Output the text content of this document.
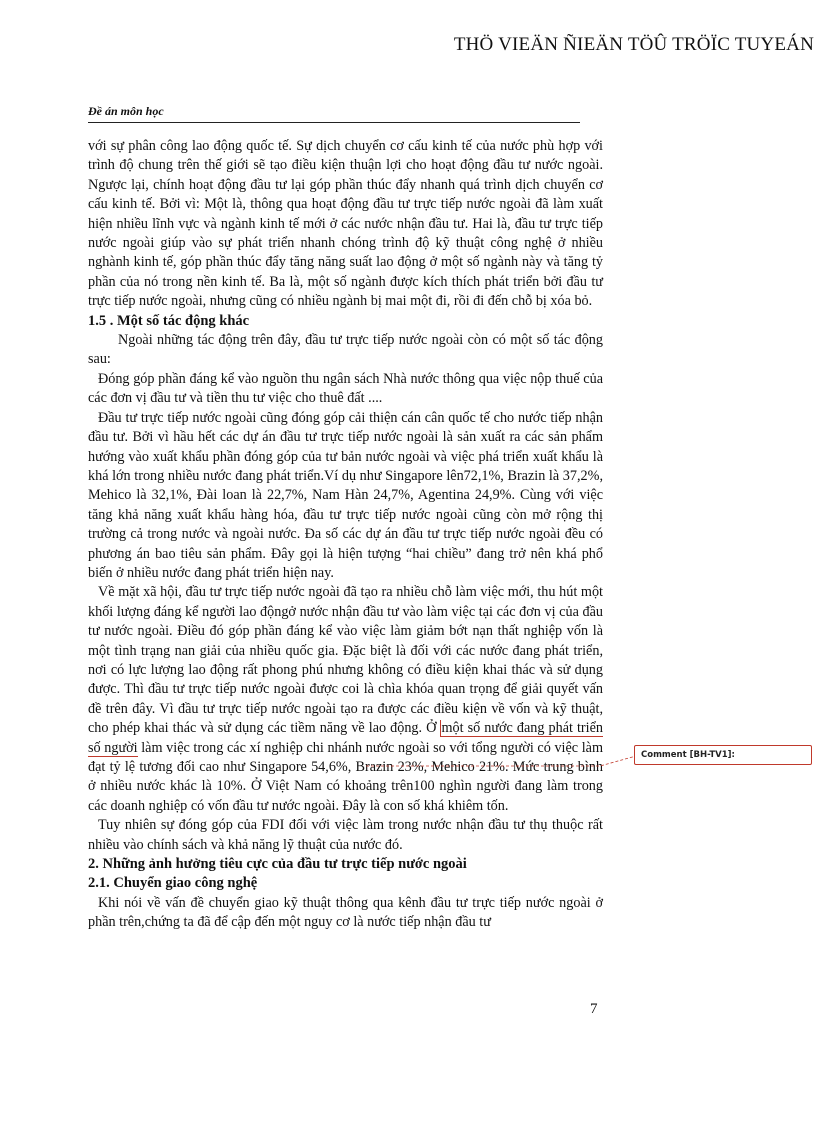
THÖ VIEÄN ÑIEÄN TÖÛ TRÖÏC TUYEÁN
Đề án môn học

với sự phân công lao động quốc tế. Sự dịch chuyển cơ cấu kinh tế của nước phù hợp với trình độ chung trên thế giới sẽ tạo điều kiện thuận lợi cho hoạt động đầu tư nước ngoài. Ngược lại, chính hoạt động đầu tư lại góp phần thúc đẩy nhanh quá trình dịch chuyển cơ cấu kinh tế. Bởi vì: Một là, thông qua hoạt động đầu tư trực tiếp nước ngoài đã làm xuất hiện nhiều lĩnh vực và ngành kinh tế mới ở các nước nhận đầu tư. Hai là, đầu tư trực tiếp nước ngoài giúp vào sự phát triển nhanh chóng trình độ kỹ thuật công nghệ ở nhiều nghành kinh tế, góp phần thúc đẩy tăng năng suất lao động ở một số ngành này và tăng tỷ phần của nó trong nền kinh tế. Ba là, một số ngành được kích thích phát triển bởi đầu tư trực tiếp nước ngoài, nhưng cũng có nhiều ngành bị mai một đi, rồi đi đến chỗ bị xóa bỏ.

1.5 . Một số tác động khác

Ngoài những tác động trên đây, đầu tư trực tiếp nước ngoài còn có một số tác động sau:

Đóng góp phần đáng kể vào nguồn thu ngân sách Nhà nước thông qua việc nộp thuế của các đơn vị đầu tư và tiền thu tư việc cho thuê đất ....

Đầu tư trực tiếp nước ngoài cũng đóng góp cải thiện cán cân quốc tế cho nước tiếp nhận đầu tư. Bởi vì hầu hết các dự án đầu tư trực tiếp nước ngoài là sản xuất ra các sản phẩm hướng vào xuất khẩu phần đóng góp của tư bản nước ngoài và việc phá triển xuất khẩu là khá lớn trong nhiều nước đang phát triển.Ví dụ như Singapore lên72,1%, Brazin là 37,2%, Mehico là 32,1%, Đài loan là 22,7%, Nam Hàn 24,7%, Agentina 24,9%. Cùng với việc tăng khả năng xuất khẩu hàng hóa, đầu tư trực tiếp nước ngoài cũng còn mở rộng thị trường cả trong nước và ngoài nước. Đa số các dự án đầu tư trực tiếp nước ngoài đều có phương án bao tiêu sản phẩm. Đây gọi là hiện tượng “hai chiều” đang trở nên khá phổ biến ở nhiều nước đang phát triển hiện nay.

Về mặt xã hội, đầu tư trực tiếp nước ngoài đã tạo ra nhiều chỗ làm việc mới, thu hút một khối lượng đáng kể người lao độngở nước nhận đầu tư vào làm việc tại các đơn vị của đầu tư nước ngoài. Điều đó góp phần đáng kể vào việc làm giảm bớt nạn thất nghiệp vốn là một tình trạng nan giải của nhiều quốc gia. Đặc biệt là đối với các nước đang phát triển, nơi có lực lượng lao động rất phong phú nhưng không có điều kiện khai thác và sử dụng được. Thì đầu tư trực tiếp nước ngoài được coi là chìa khóa quan trọng để giải quyết vấn đề trên đây. Vì đầu tư trực tiếp nước ngoài tạo ra được các điều kiện về vốn và kỹ thuật, cho phép khai thác và sử dụng các tiềm năng về lao động. Ở một số nước đang phát triển số người làm việc trong các xí nghiệp chi nhánh nước ngoài so với tổng người có việc làm đạt tỷ lệ tương đối cao như Singapore 54,6%, Brazin 23%, Mehico 21%. Mức trung bình ở nhiều nước khác là 10%. Ở Việt Nam có khoảng trên100 nghìn người đang làm trong các doanh nghiệp có vốn đầu tư nước ngoài. Đây là con số khá khiêm tốn.

Tuy nhiên sự đóng góp của FDI đối với việc làm trong nước nhận đầu tư thụ thuộc rất nhiều vào chính sách và khả năng lỹ thuật của nước đó.

2. Những ảnh hưởng tiêu cực của đầu tư trực tiếp nước ngoài

2.1. Chuyển giao công nghệ

Khi nói về vấn đề chuyển giao kỹ thuật thông qua kênh đầu tư trực tiếp nước ngoài ở phần trên,chứng ta đã để cập đến một nguy cơ là nước tiếp nhận đầu tư

Comment [BH-TV1]:
7
